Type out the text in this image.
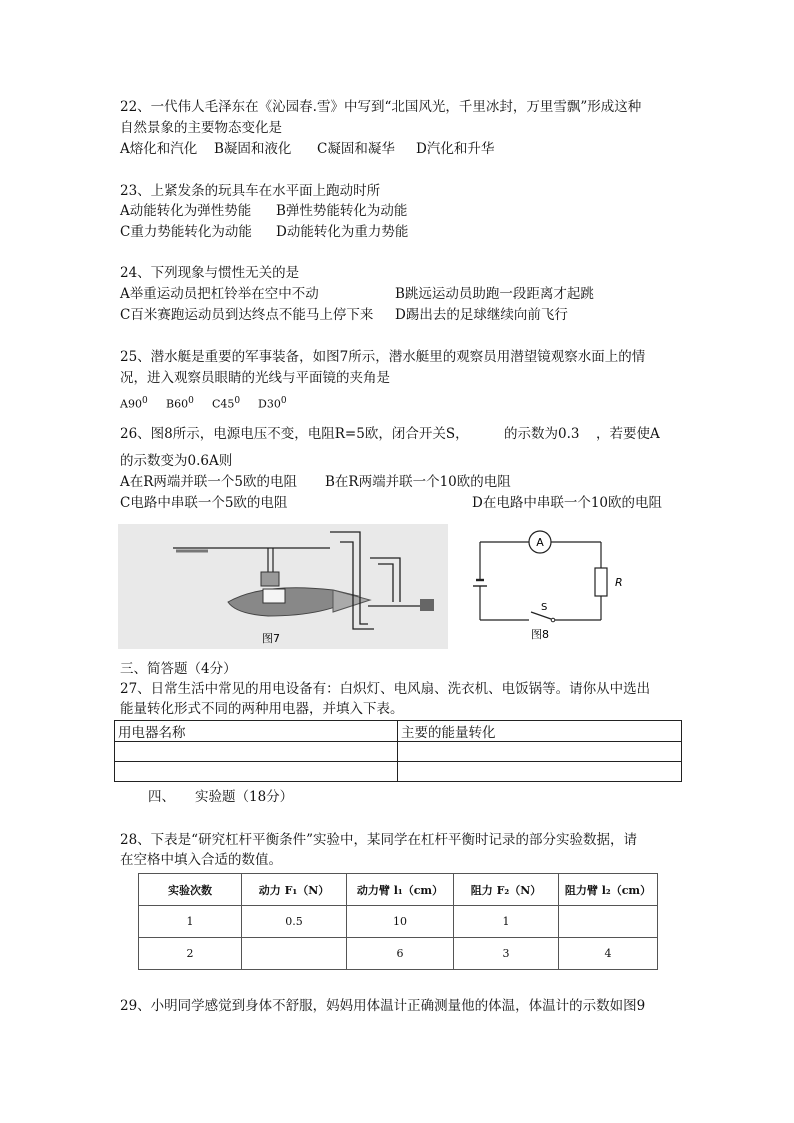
22、一代伟人毛泽东在《沁园春.雪》中写到“北国风光，千里冰封，万里雪飘”形成这种
自然景象的主要物态变化是
A熔化和汽化 B凝固和液化 C凝固和凝华 D汽化和升华
23、上紧发条的玩具车在水平面上跑动时所
A动能转化为弹性势能 B弹性势能转化为动能
C重力势能转化为动能 D动能转化为重力势能
24、下列现象与惯性无关的是
A举重运动员把杠铃举在空中不动	B跳远运动员助跑一段距离才起跳
C百米赛跑运动员到达终点不能马上停下来 D踢出去的足球继续向前飞行
25、潜水艇是重要的军事装备，如图7所示，潜水艇里的观察员用潜望镜观察水面上的情
况，进入观察员眼睛的光线与平面镜的夹角是
$A90^0$ $B60^0$ $C45^0$ $D30^0$
26、图8所示，电源电压不变，电阻R=5欧，闭合开关S，	的示数为0.3 ，若要使A
的示数变为0.6A则
A在R两端并联一个5欧的电阻 B在R两端并联一个10欧的电阻
C电路中串联一个5欧的电阻	D在电路中串联一个10欧的电阻
图7
A
R
S
图8
三、简答题（4分）
27、日常生活中常见的用电设备有：白炽灯、电风扇、洗衣机、电饭锅等。请你从中选出
能量转化形式不同的两种用电器，并填入下表。
用电器名称	主要的能量转化

四、 实验题（18分）
28、下表是“研究杠杆平衡条件”实验中，某同学在杠杆平衡时记录的部分实验数据，请
在空格中填入合适的数值。
实验次数	动力 F₁（N）	动力臂 l₁（cm）	阻力 F₂（N）	阻力臂 l₂（cm）
1	0.5	10	1	
2		6	3	4
29、小明同学感觉到身体不舒服，妈妈用体温计正确测量他的体温，体温计的示数如图9
